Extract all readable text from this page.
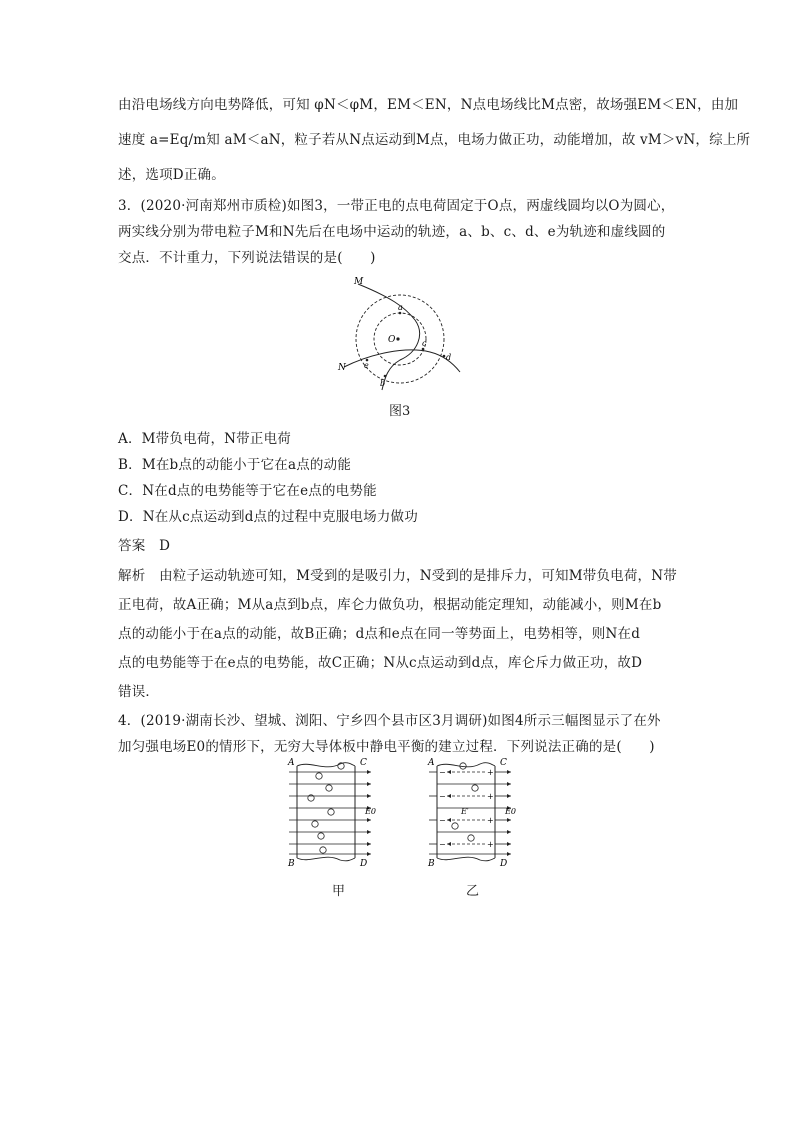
由沿电场线方向电势降低，可知 φN＜φM，EM＜EN，N点电场线比M点密，故场强EM＜EN，由加
速度 a=Eq/m知 aM＜aN，粒子若从N点运动到M点，电场力做正功，动能增加，故 vM＞vN，综上所
述，选项D正确。
3．(2020·河南郑州市质检)如图3，一带正电的点电荷固定于O点，两虚线圆均以O为圆心，
两实线分别为带电粒子M和N先后在电场中运动的轨迹，a、b、c、d、e为轨迹和虚线圆的
交点．不计重力，下列说法错误的是(　　)
M
N
O
a
b
c
d
e
图3
A．M带负电荷，N带正电荷
B．M在b点的动能小于它在a点的动能
C．N在d点的电势能等于它在e点的电势能
D．N在从c点运动到d点的过程中克服电场力做功
答案　D
解析　由粒子运动轨迹可知，M受到的是吸引力，N受到的是排斥力，可知M带负电荷，N带
正电荷，故A正确；M从a点到b点，库仑力做负功，根据动能定理知，动能减小，则M在b
点的动能小于在a点的动能，故B正确；d点和e点在同一等势面上，电势相等，则N在d
点的电势能等于在e点的电势能，故C正确；N从c点运动到d点，库仑斥力做正功，故D
错误．
4．(2019·湖南长沙、望城、浏阳、宁乡四个县市区3月调研)如图4所示三幅图显示了在外
加匀强电场E0的情形下，无穷大导体板中静电平衡的建立过程．下列说法正确的是(　　)
A	C
B	D
E0
甲
−
−
−
−
+
+
+
+
E′
A	C
B	D
E0
乙
